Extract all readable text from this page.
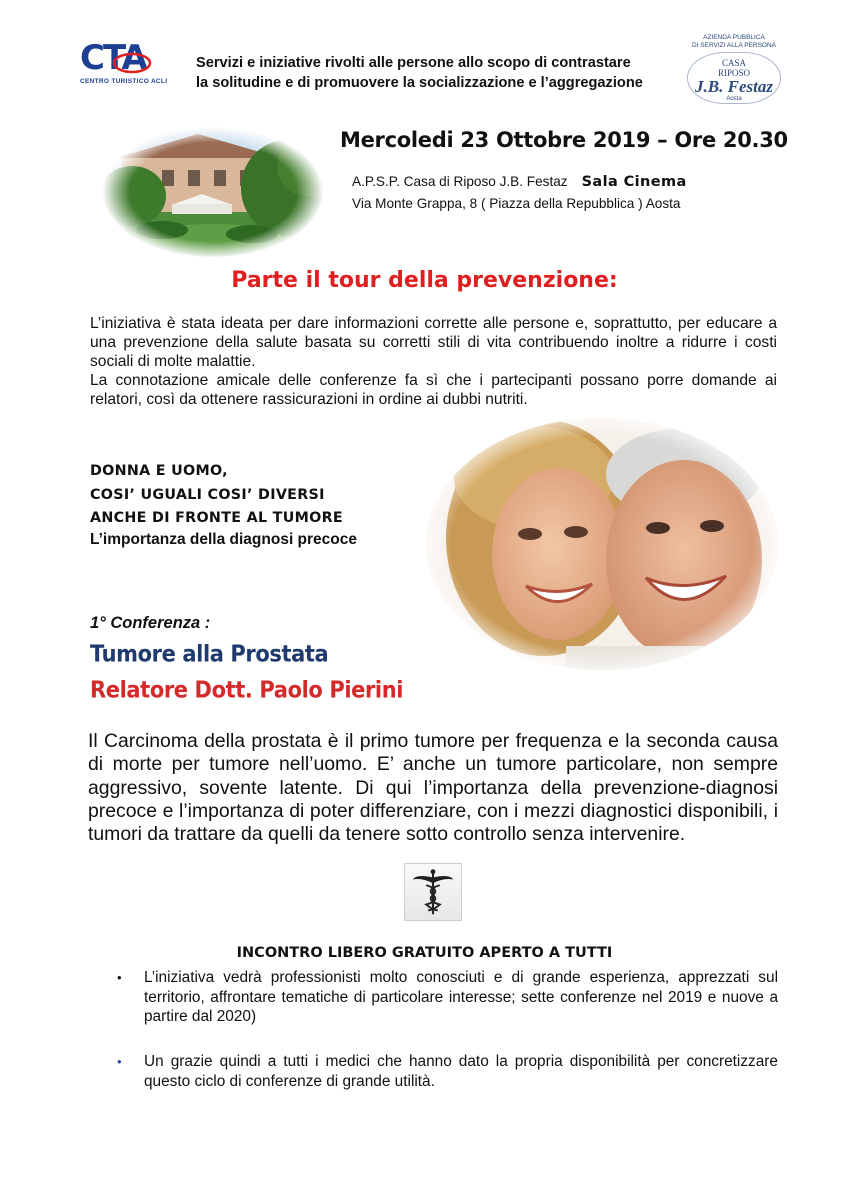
CTA
CENTRO TURISTICO ACLI
Servizi e iniziative rivolti alle persone allo scopo di contrastare
la solitudine e di promuovere la socializzazione e l’aggregazione
AZIENDA PUBBLICA
DI SERVIZI ALLA PERSONA
CASA
RIPOSO
J.B. Festaz
Aosta
Mercoledi 23 Ottobre 2019 – Ore 20.30
A.P.S.P. Casa di Riposo J.B. Festaz Sala Cinema
Via Monte Grappa, 8 ( Piazza della Repubblica ) Aosta
Parte il tour della prevenzione:

L’iniziativa è stata ideata per dare informazioni corrette alle persone e, soprattutto, per educare a una prevenzione della salute basata su corretti stili di vita contribuendo inoltre a ridurre i costi sociali di molte malattie.

La connotazione amicale delle conferenze fa sì che i partecipanti possano porre domande ai relatori, così da ottenere rassicurazioni in ordine ai dubbi nutriti.

DONNA E UOMO,
COSI’ UGUALI COSI’ DIVERSI
ANCHE DI FRONTE AL TUMORE
L’importanza della diagnosi precoce
1° Conferenza :
Tumore alla Prostata
Relatore Dott. Paolo Pierini
Il Carcinoma della prostata è il primo tumore per frequenza e la seconda causa di morte per tumore nell’uomo. E’ anche un tumore particolare, non sempre aggressivo, sovente latente. Di qui l’importanza della prevenzione-diagnosi precoce e l’importanza di poter differenziare, con i mezzi diagnostici disponibili, i tumori da trattare da quelli da tenere sotto controllo senza intervenire.
INCONTRO LIBERO GRATUITO APERTO A TUTTI
• L’iniziativa vedrà professionisti molto conosciuti e di grande esperienza, apprezzati sul territorio, affrontare tematiche di particolare interesse; sette conferenze nel 2019 e nuove a partire dal 2020)
• Un grazie quindi a tutti i medici che hanno dato la propria disponibilità per concretizzare questo ciclo di conferenze di grande utilità.
